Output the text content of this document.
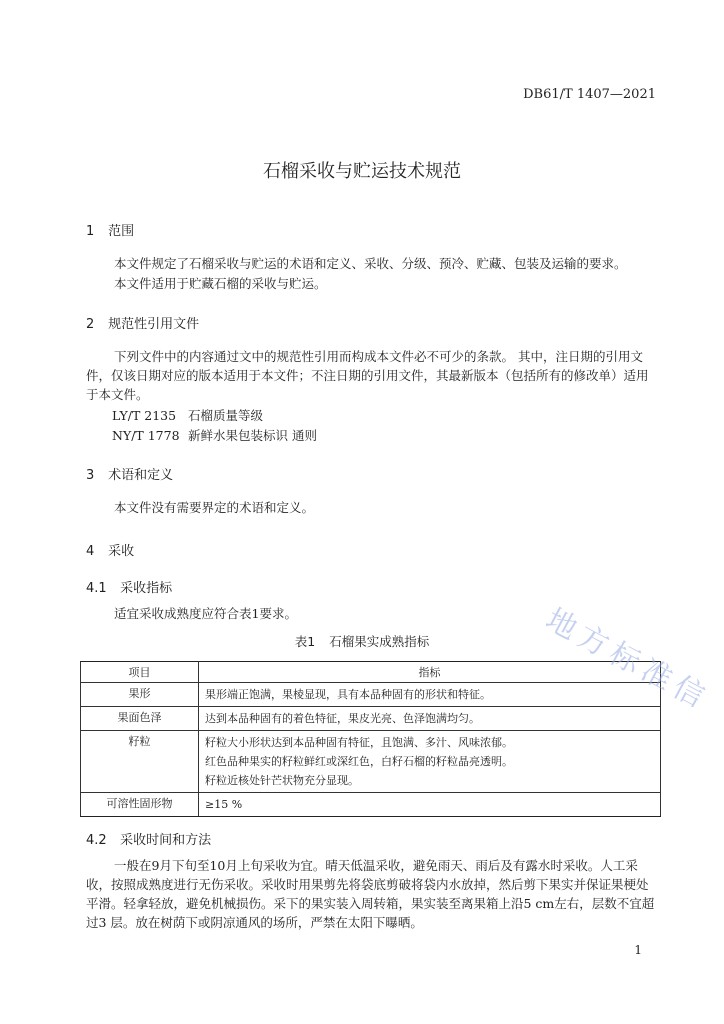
DB61/T 1407—2021
石榴采收与贮运技术规范
1 范围
本文件规定了石榴采收与贮运的术语和定义、采收、分级、预冷、贮藏、包装及运输的要求。
本文件适用于贮藏石榴的采收与贮运。
2 规范性引用文件
下列文件中的内容通过文中的规范性引用而构成本文件必不可少的条款。 其中，注日期的引用文件，仅该日期对应的版本适用于本文件；不注日期的引用文件，其最新版本（包括所有的修改单）适用于本文件。
LY/T 2135 石榴质量等级
NY/T 1778 新鲜水果包装标识 通则
3 术语和定义
本文件没有需要界定的术语和定义。
4 采收
4.1 采收指标
适宜采收成熟度应符合表1要求。
表1 石榴果实成熟指标
项目	指标
果形	果形端正饱满，果棱显现，具有本品种固有的形状和特征。

果面色泽	达到本品种固有的着色特征，果皮光亮、色泽饱满均匀。

籽粒	籽粒大小形状达到本品种固有特征，且饱满、多汁、风味浓郁。
红色品种果实的籽粒鲜红或深红色，白籽石榴的籽粒晶亮透明。
籽粒近核处针芒状物充分显现。

可溶性固形物	≥15 %
4.2 采收时间和方法
一般在9月下旬至10月上旬采收为宜。晴天低温采收，避免雨天、雨后及有露水时采收。人工采收，按照成熟度进行无伤采收。采收时用果剪先将袋底剪破将袋内水放掉，然后剪下果实并保证果梗处平滑。轻拿轻放，避免机械损伤。采下的果实装入周转箱，果实装至离果箱上沿5 cm左右，层数不宜超过3 层。放在树荫下或阴凉通风的场所，严禁在太阳下曝晒。
地方标准信
1
